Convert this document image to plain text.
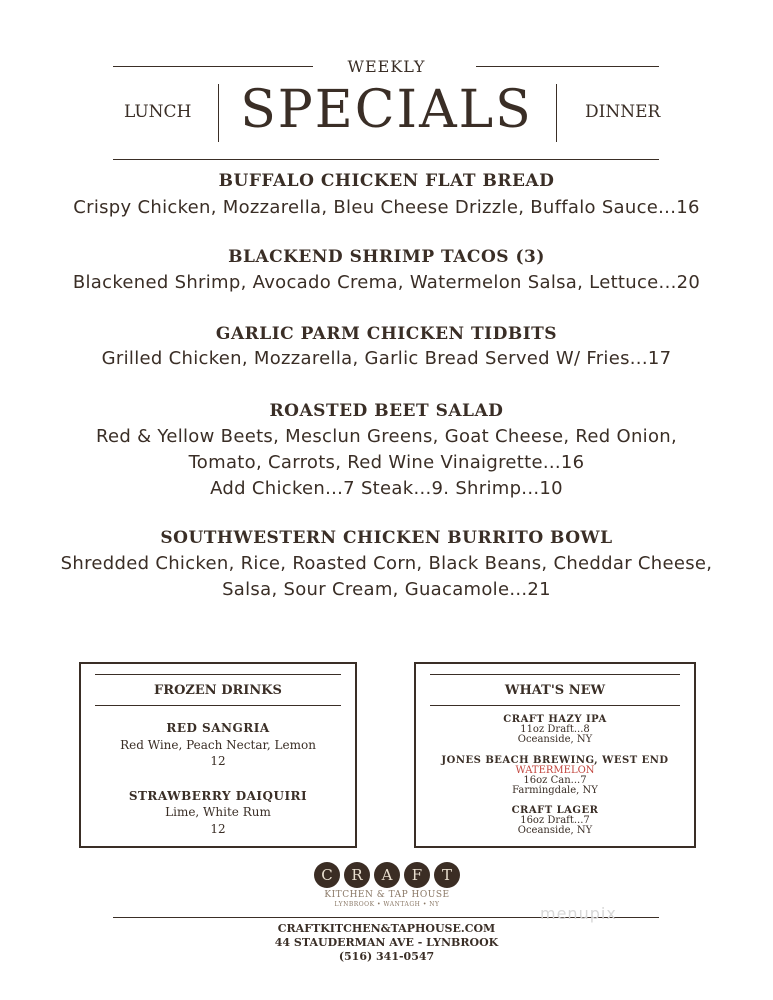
WEEKLY
LUNCH SPECIALS	DINNER
BUFFALO CHICKEN FLAT BREAD
Crispy Chicken, Mozzarella, Bleu Cheese Drizzle, Buffalo Sauce...16
BLACKEND SHRIMP TACOS (3)
Blackened Shrimp, Avocado Crema, Watermelon Salsa, Lettuce...20
GARLIC PARM CHICKEN TIDBITS
Grilled Chicken, Mozzarella, Garlic Bread Served W/ Fries...17
ROASTED BEET SALAD
Red & Yellow Beets, Mesclun Greens, Goat Cheese, Red Onion,
Tomato, Carrots, Red Wine Vinaigrette...16
Add Chicken...7 Steak...9. Shrimp...10
SOUTHWESTERN CHICKEN BURRITO BOWL
Shredded Chicken, Rice, Roasted Corn, Black Beans, Cheddar Cheese,
Salsa, Sour Cream, Guacamole...21
FROZEN DRINKS
RED SANGRIA
Red Wine, Peach Nectar, Lemon
12
STRAWBERRY DAIQUIRI
Lime, White Rum
12
WHAT'S NEW
CRAFT HAZY IPA
11oz Draft...8
Oceanside, NY
JONES BEACH BREWING, WEST END
WATERMELON
16oz Can...7
Farmingdale, NY
CRAFT LAGER
16oz Draft...7
Oceanside, NY
C	R	A	F	T
KITCHEN & TAP HOUSE
LYNBROOK • WANTAGH • NY
CRAFTKITCHEN&TAPHOUSE.COM
44 STAUDERMAN AVE - LYNBROOK
(516) 341-0547
menupix
